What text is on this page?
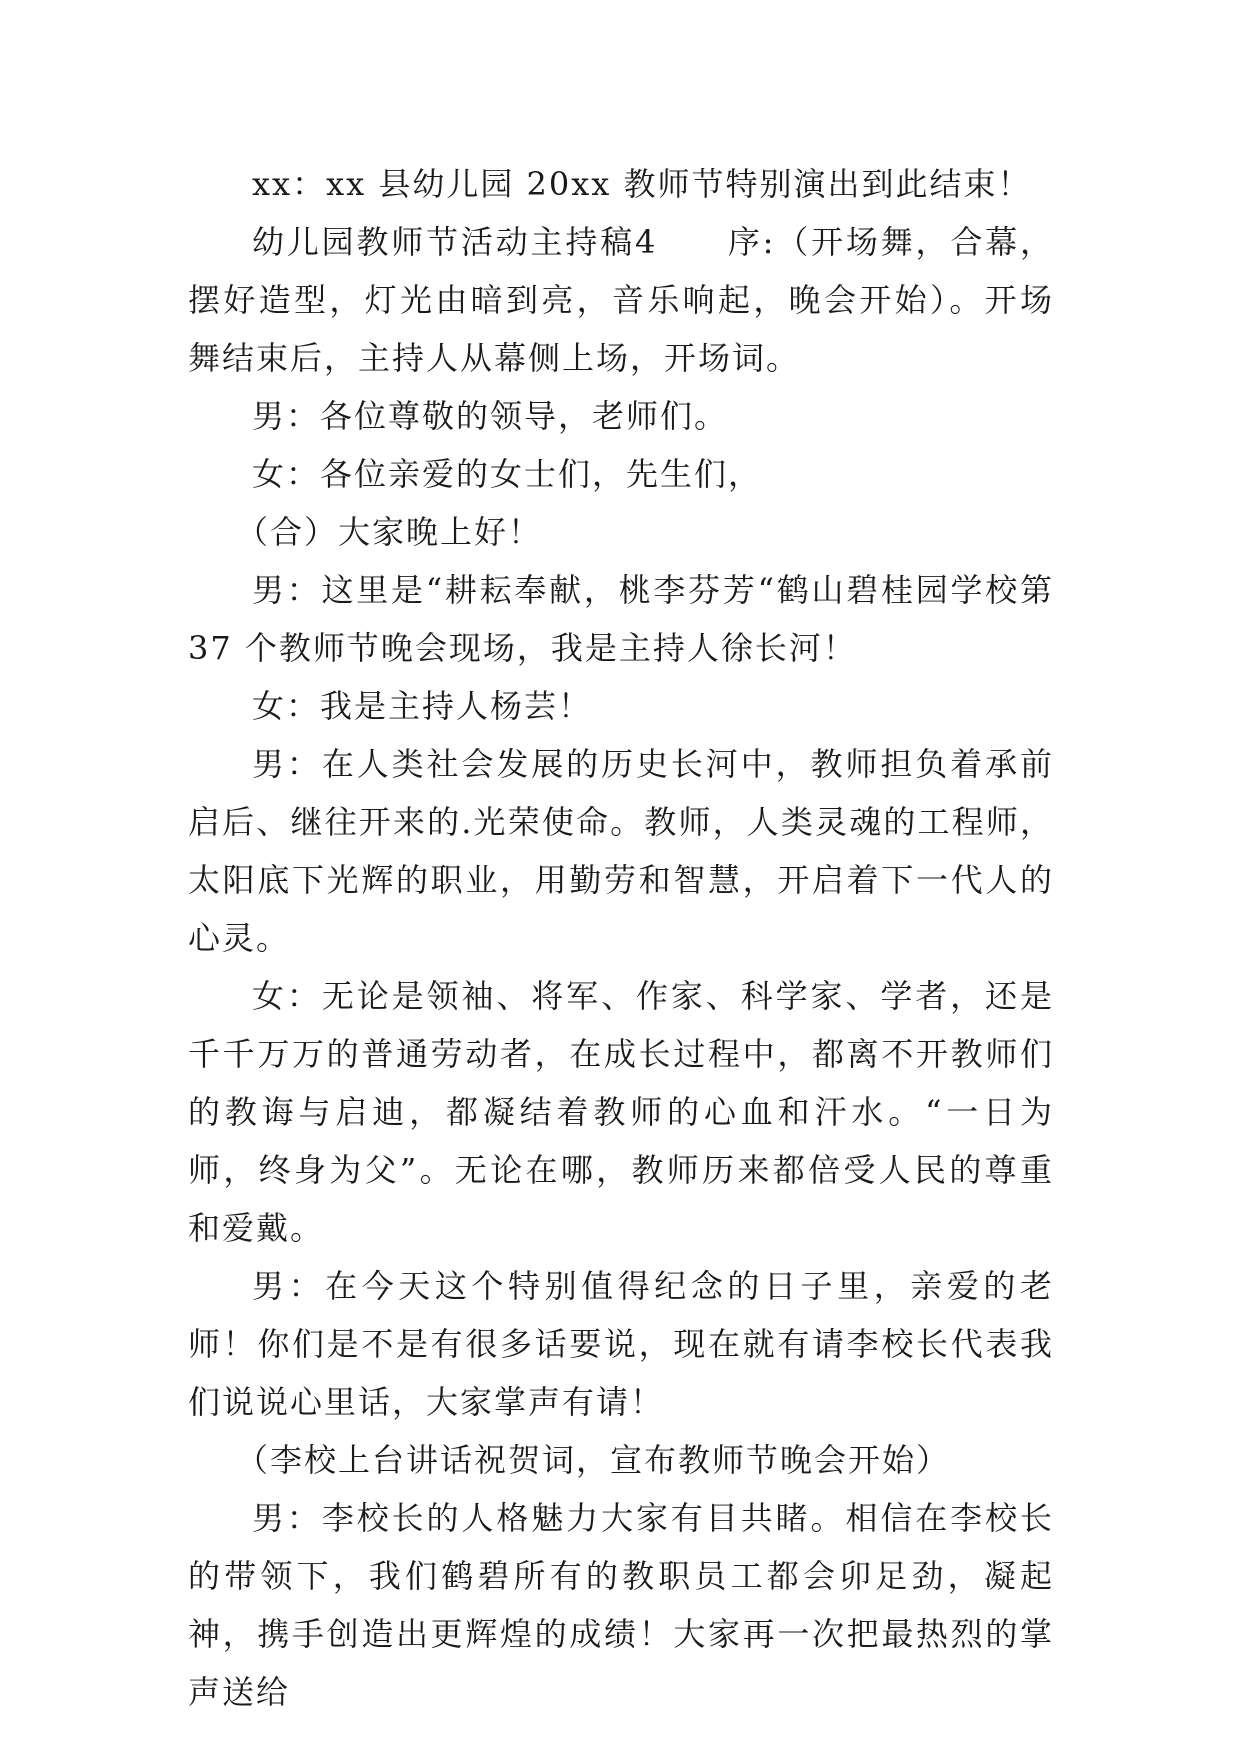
xx：xx 县幼儿园 20xx 教师节特别演出到此结束！

幼儿园教师节活动主持稿4　　序:（开场舞，合幕，摆好造型，灯光由暗到亮，音乐响起，晚会开始）。开场舞结束后，主持人从幕侧上场，开场词。

男：各位尊敬的领导，老师们。

女：各位亲爱的女士们，先生们，

（合）大家晚上好！

男：这里是“耕耘奉献，桃李芬芳“鹤山碧桂园学校第 37 个教师节晚会现场，我是主持人徐长河！

女：我是主持人杨芸！

男：在人类社会发展的历史长河中，教师担负着承前启后、继往开来的.光荣使命。教师，人类灵魂的工程师，太阳底下光辉的职业，用勤劳和智慧，开启着下一代人的心灵。

女：无论是领袖、将军、作家、科学家、学者，还是千千万万的普通劳动者，在成长过程中，都离不开教师们的教诲与启迪，都凝结着教师的心血和汗水。“一日为师，终身为父”。无论在哪，教师历来都倍受人民的尊重和爱戴。

男：在今天这个特别值得纪念的日子里，亲爱的老师！你们是不是有很多话要说，现在就有请李校长代表我们说说心里话，大家掌声有请！

（李校上台讲话祝贺词，宣布教师节晚会开始）

男：李校长的人格魅力大家有目共睹。相信在李校长的带领下，我们鹤碧所有的教职员工都会卯足劲，凝起神，携手创造出更辉煌的成绩！大家再一次把最热烈的掌声送给
